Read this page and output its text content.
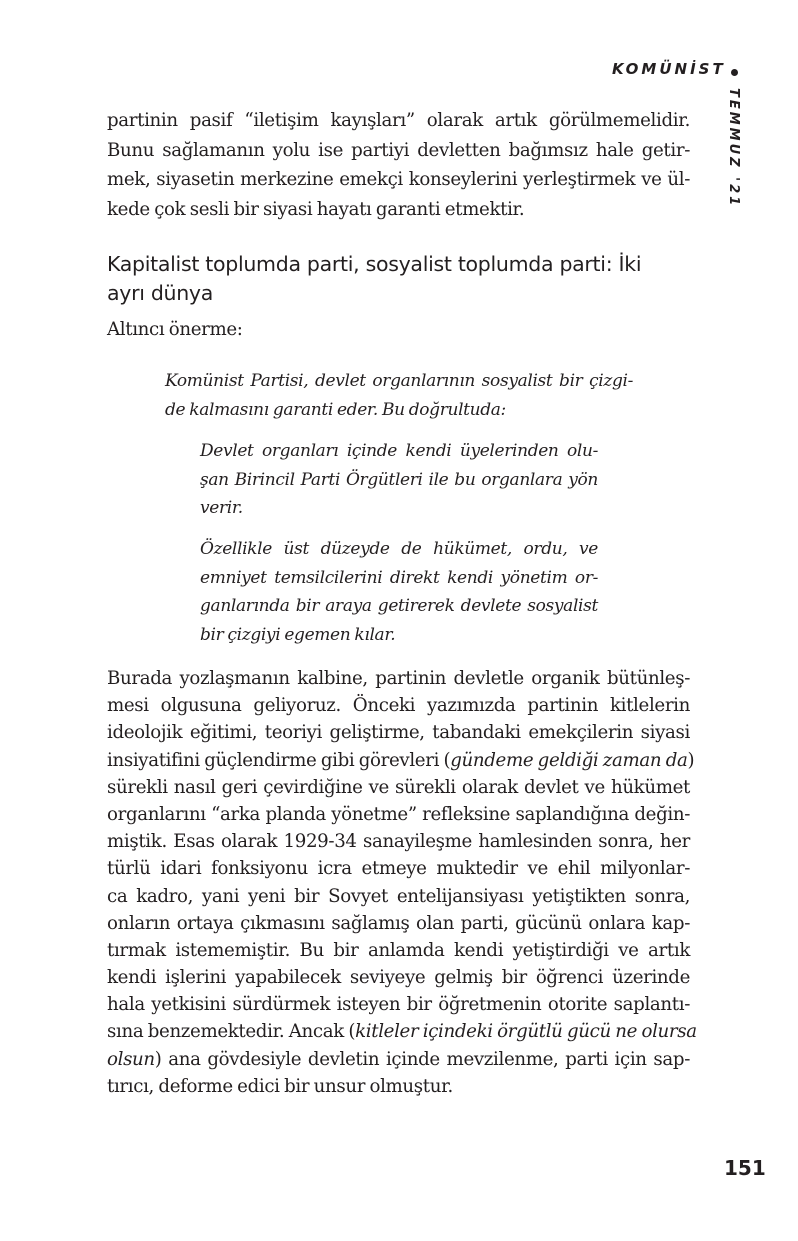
KOMÜNİST
TEMMUZ '21
partinin pasif “iletişim kayışları” olarak artık görülmemelidir.
Bunu sağlamanın yolu ise partiyi devletten bağımsız hale getir-
mek, siyasetin merkezine emekçi konseylerini yerleştirmek ve ül-
kede çok sesli bir siyasi hayatı garanti etmektir.
Kapitalist toplumda parti, sosyalist toplumda parti: İki ayrı dünya
Altıncı önerme:
Komünist Partisi, devlet organlarının sosyalist bir çizgi-
de kalmasını garanti eder. Bu doğrultuda:
Devlet organları içinde kendi üyelerinden olu-
şan Birincil Parti Örgütleri ile bu organlara yön
verir.
Özellikle üst düzeyde de hükümet, ordu, ve
emniyet temsilcilerini direkt kendi yönetim or-
ganlarında bir araya getirerek devlete sosyalist
bir çizgiyi egemen kılar.
Burada yozlaşmanın kalbine, partinin devletle organik bütünleş-
mesi olgusuna geliyoruz. Önceki yazımızda partinin kitlelerin
ideolojik eğitimi, teoriyi geliştirme, tabandaki emekçilerin siyasi
insiyatifini güçlendirme gibi görevleri (gündeme geldiği zaman da)
sürekli nasıl geri çevirdiğine ve sürekli olarak devlet ve hükümet
organlarını “arka planda yönetme” refleksine saplandığına değin-
miştik. Esas olarak 1929-34 sanayileşme hamlesinden sonra, her
türlü idari fonksiyonu icra etmeye muktedir ve ehil milyonlar-
ca kadro, yani yeni bir Sovyet entelijansiyası yetiştikten sonra,
onların ortaya çıkmasını sağlamış olan parti, gücünü onlara kap-
tırmak istememiştir. Bu bir anlamda kendi yetiştirdiği ve artık
kendi işlerini yapabilecek seviyeye gelmiş bir öğrenci üzerinde
hala yetkisini sürdürmek isteyen bir öğretmenin otorite saplantı-
sına benzemektedir. Ancak (kitleler içindeki örgütlü gücü ne olursa
olsun) ana gövdesiyle devletin içinde mevzilenme, parti için sap-
tırıcı, deforme edici bir unsur olmuştur.
151
